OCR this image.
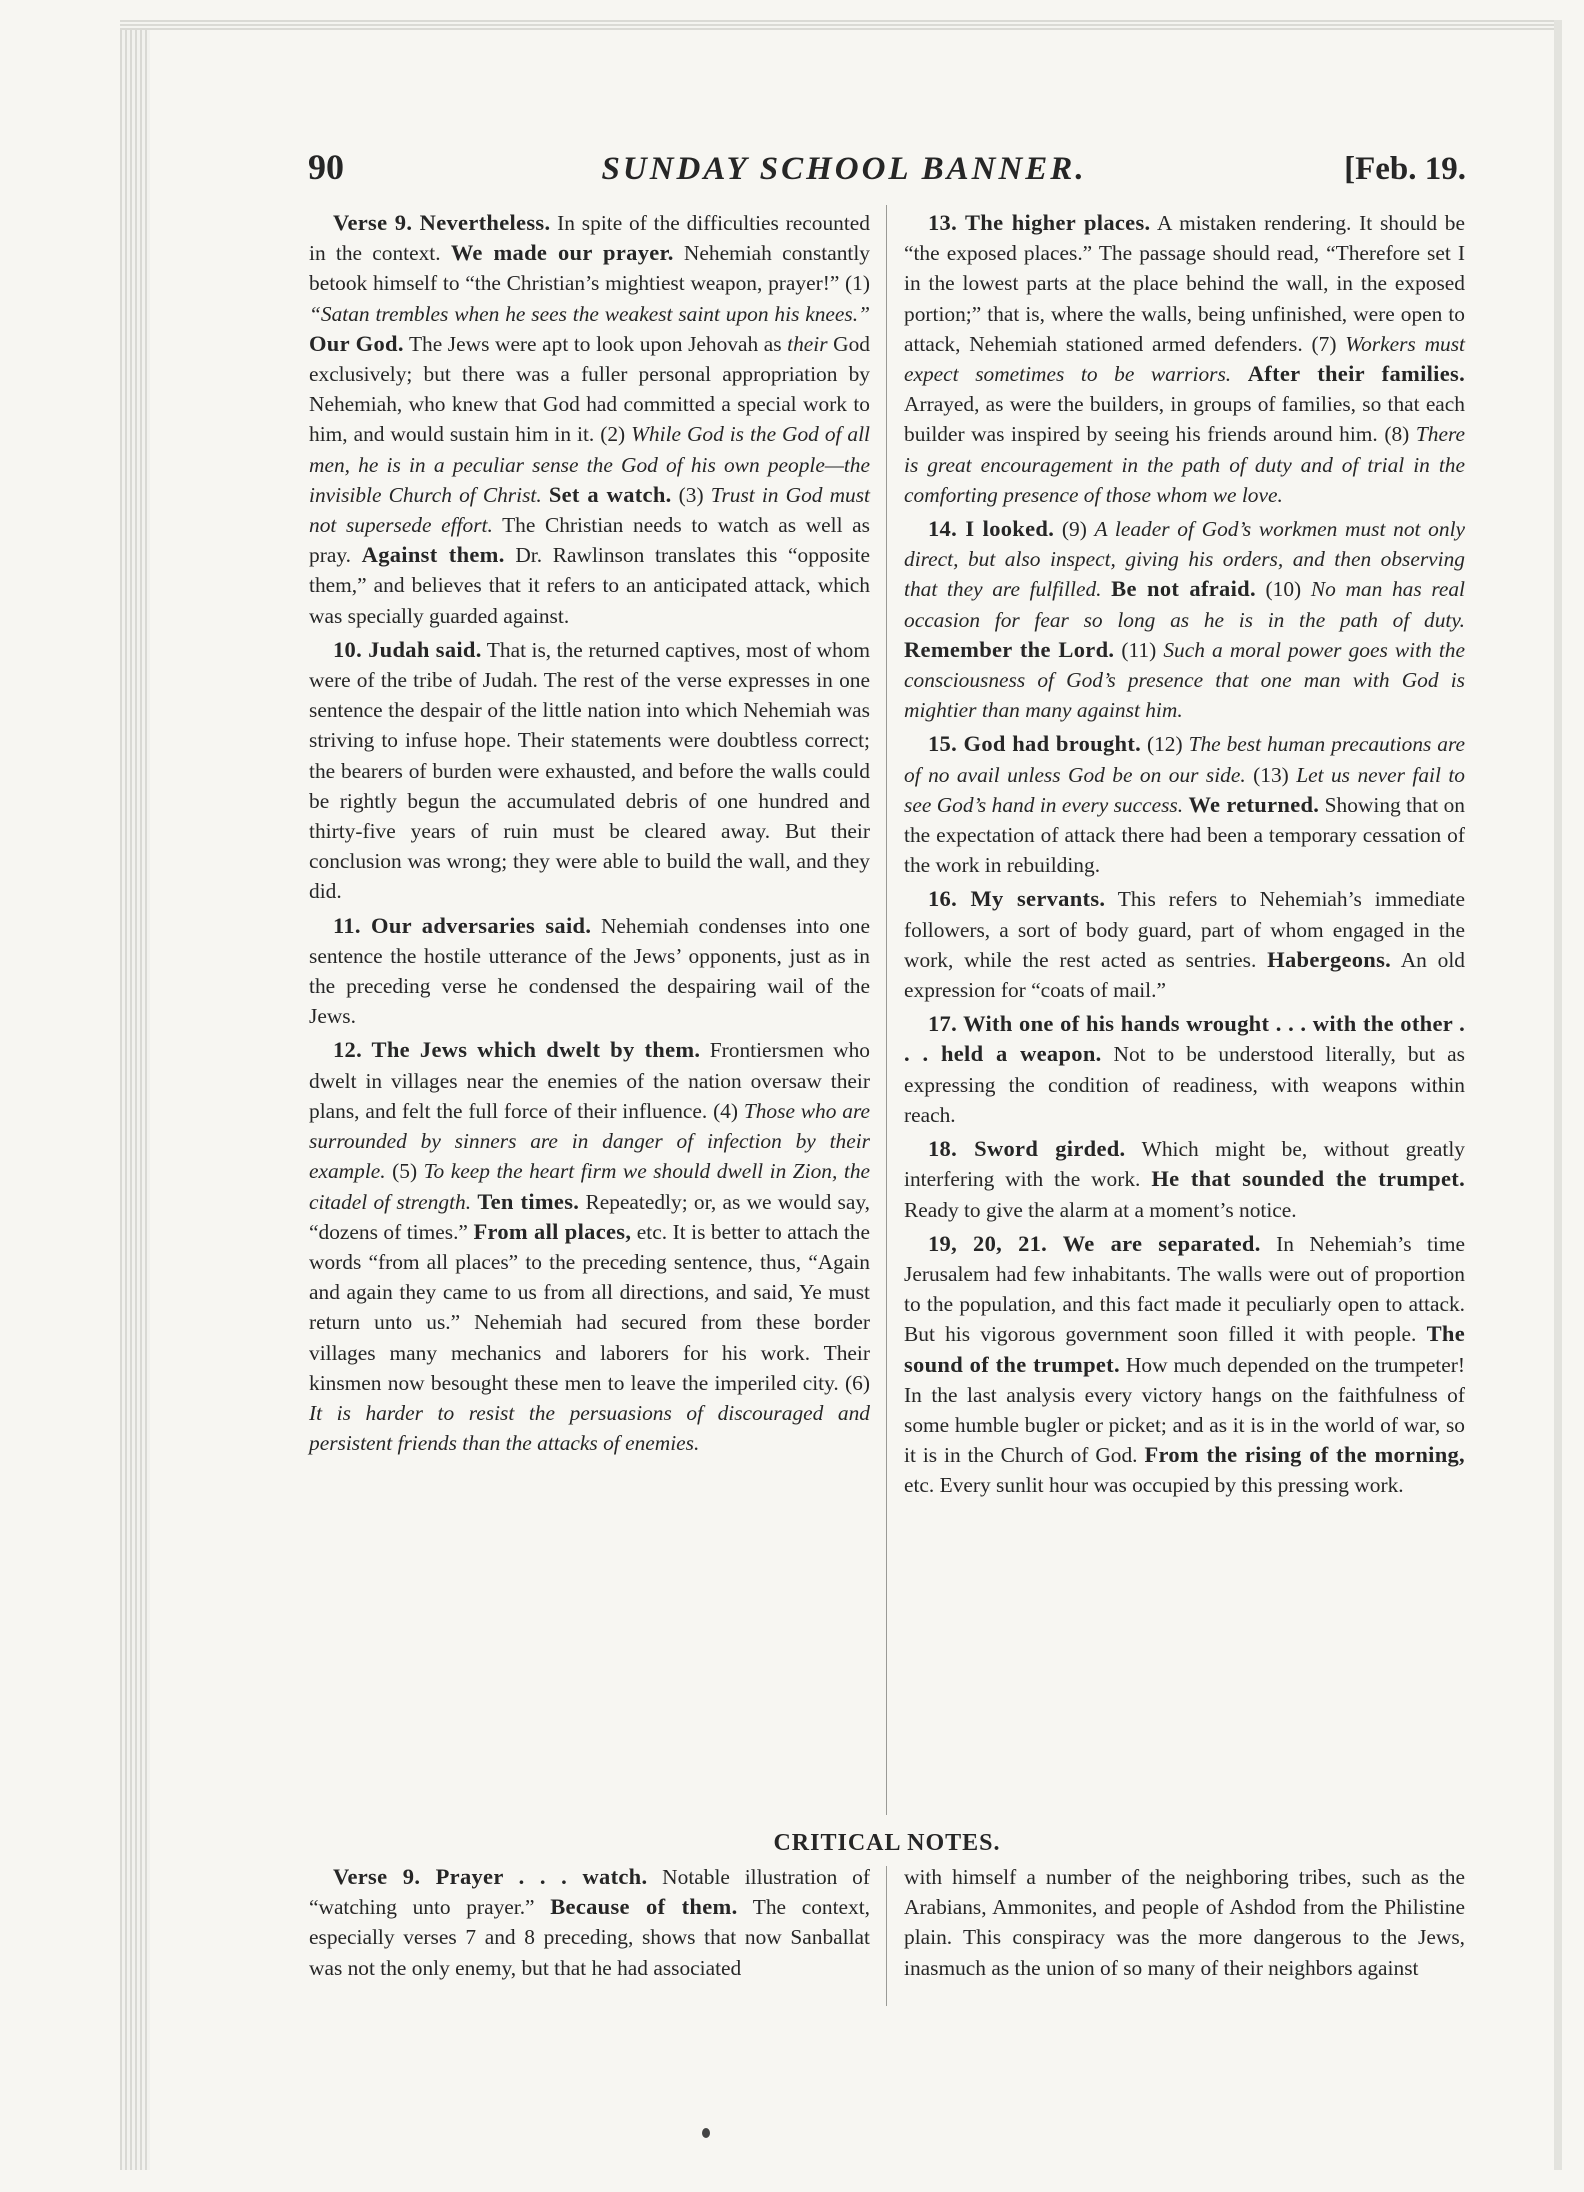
90	SUNDAY SCHOOL BANNER.	[Feb. 19.

Verse 9. Nevertheless. In spite of the difficulties recounted in the context. We made our prayer. Nehemiah constantly betook himself to “the Christian’s mightiest weapon, prayer!” (1) “Satan trembles when he sees the weakest saint upon his knees.” Our God. The Jews were apt to look upon Jehovah as their God exclusively; but there was a fuller personal appropriation by Nehemiah, who knew that God had committed a special work to him, and would sustain him in it. (2) While God is the God of all men, he is in a peculiar sense the God of his own people—the invisible Church of Christ. Set a watch. (3) Trust in God must not supersede effort. The Christian needs to watch as well as pray. Against them. Dr. Rawlinson translates this “opposite them,” and believes that it refers to an anticipated attack, which was specially guarded against.

10. Judah said. That is, the returned captives, most of whom were of the tribe of Judah. The rest of the verse expresses in one sentence the despair of the little nation into which Nehemiah was striving to infuse hope. Their statements were doubtless correct; the bearers of burden were exhausted, and before the walls could be rightly begun the accumulated debris of one hundred and thirty-five years of ruin must be cleared away. But their conclusion was wrong; they were able to build the wall, and they did.

11. Our adversaries said. Nehemiah condenses into one sentence the hostile utterance of the Jews’ opponents, just as in the preceding verse he condensed the despairing wail of the Jews.

12. The Jews which dwelt by them. Frontiersmen who dwelt in villages near the enemies of the nation oversaw their plans, and felt the full force of their influence. (4) Those who are surrounded by sinners are in danger of infection by their example. (5) To keep the heart firm we should dwell in Zion, the citadel of strength. Ten times. Repeatedly; or, as we would say, “dozens of times.” From all places, etc. It is better to attach the words “from all places” to the preceding sentence, thus, “Again and again they came to us from all directions, and said, Ye must return unto us.” Nehemiah had secured from these border villages many mechanics and laborers for his work. Their kinsmen now besought these men to leave the imperiled city. (6) It is harder to resist the persuasions of discouraged and persistent friends than the attacks of enemies.

13. The higher places. A mistaken rendering. It should be “the exposed places.” The passage should read, “Therefore set I in the lowest parts at the place behind the wall, in the exposed portion;” that is, where the walls, being unfinished, were open to attack, Nehemiah stationed armed defenders. (7) Workers must expect sometimes to be warriors. After their families. Arrayed, as were the builders, in groups of families, so that each builder was inspired by seeing his friends around him. (8) There is great encouragement in the path of duty and of trial in the comforting presence of those whom we love.

14. I looked. (9) A leader of God’s workmen must not only direct, but also inspect, giving his orders, and then observing that they are fulfilled. Be not afraid. (10) No man has real occasion for fear so long as he is in the path of duty. Remember the Lord. (11) Such a moral power goes with the consciousness of God’s presence that one man with God is mightier than many against him.

15. God had brought. (12) The best human precautions are of no avail unless God be on our side. (13) Let us never fail to see God’s hand in every success. We returned. Showing that on the expectation of attack there had been a temporary cessation of the work in rebuilding.

16. My servants. This refers to Nehemiah’s immediate followers, a sort of body guard, part of whom engaged in the work, while the rest acted as sentries. Habergeons. An old expression for “coats of mail.”

17. With one of his hands wrought . . . with the other . . . held a weapon. Not to be understood literally, but as expressing the condition of readiness, with weapons within reach.

18. Sword girded. Which might be, without greatly interfering with the work. He that sounded the trumpet. Ready to give the alarm at a moment’s notice.

19, 20, 21. We are separated. In Nehemiah’s time Jerusalem had few inhabitants. The walls were out of proportion to the population, and this fact made it peculiarly open to attack. But his vigorous government soon filled it with people. The sound of the trumpet. How much depended on the trumpeter! In the last analysis every victory hangs on the faithfulness of some humble bugler or picket; and as it is in the world of war, so it is in the Church of God. From the rising of the morning, etc. Every sunlit hour was occupied by this pressing work.

CRITICAL NOTES.

Verse 9. Prayer . . . watch. Notable illustration of “watching unto prayer.” Because of them. The context, especially verses 7 and 8 preceding, shows that now Sanballat was not the only enemy, but that he had associated

with himself a number of the neighboring tribes, such as the Arabians, Ammonites, and people of Ashdod from the Philistine plain. This conspiracy was the more dangerous to the Jews, inasmuch as the union of so many of their neighbors against
